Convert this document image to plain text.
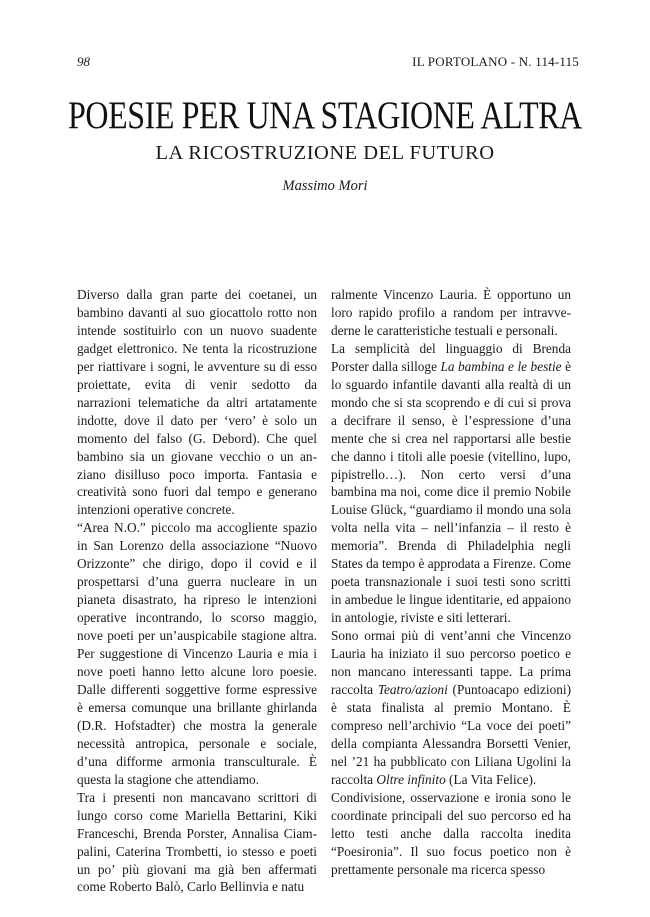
98	IL PORTOLANO - N. 114-115
POESIE PER UNA STAGIONE ALTRA
LA RICOSTRUZIONE DEL FUTURO
Massimo Mori

Diverso dalla gran parte dei coetanei, un bambino davanti al suo giocattolo rotto non intende sostituirlo con un nuovo suadente gadget elettronico. Ne tenta la ricostruzione per riattivare i sogni, le avventure su di esso proiettate, evita di venir sedotto da narrazioni telematiche da altri artatamente indotte, dove il dato per ‘vero’ è solo un momento del falso (G. Debord). Che quel bambino sia un giovane vecchio o un anziano disilluso poco importa. Fantasia e creatività sono fuori dal tempo e generano intenzioni operative concrete.

“Area N.O.” piccolo ma accogliente spazio in San Lorenzo della associazione “Nuovo Orizzonte” che dirigo, dopo il covid e il prospettarsi d’una guerra nucleare in un pianeta disastrato, ha ripreso le intenzioni operative incontrando, lo scorso maggio, nove poeti per un’auspicabile stagione altra. Per suggestione di Vincenzo Lauria e mia i nove poeti hanno letto alcune loro poesie. Dalle differenti soggettive forme espressive è emersa comunque una brillante ghirlanda (D.R. Hofstadter) che mostra la generale necessità antropica, personale e sociale, d’una difforme armonia transculturale. È questa la stagione che attendiamo.

Tra i presenti non mancavano scrittori di lungo corso come Mariella Bettarini, Kiki Franceschi, Brenda Porster, Annalisa Ciampalini, Caterina Trombetti, io stesso e poeti un po’ più giovani ma già ben affermati come Roberto Balò, Carlo Bellinvia e natu

ralmente Vincenzo Lauria. È opportuno un loro rapido profilo a random per intravvederne le caratteristiche testuali e personali.

La semplicità del linguaggio di Brenda Porster dalla silloge La bambina e le bestie è lo sguardo infantile davanti alla realtà di un mondo che si sta scoprendo e di cui si prova a decifrare il senso, è l’espressione d’una mente che si crea nel rapportarsi alle bestie che danno i titoli alle poesie (vitellino, lupo, pipistrello…). Non certo versi d’una bambina ma noi, come dice il premio Nobile Louise Glück, “guardiamo il mondo una sola volta nella vita – nell’infanzia – il resto è memoria”. Brenda di Philadelphia negli States da tempo è approdata a Firenze. Come poeta transnazionale i suoi testi sono scritti in ambedue le lingue identitarie, ed appaiono in antologie, riviste e siti letterari.

Sono ormai più di vent’anni che Vincenzo Lauria ha iniziato il suo percorso poetico e non mancano interessanti tappe. La prima raccolta Teatro/azioni (Puntoacapo edizioni) è stata finalista al premio Montano. È compreso nell’archivio “La voce dei poeti” della compianta Alessandra Borsetti Venier, nel ’21 ha pubblicato con Liliana Ugolini la raccolta Oltre infinito (La Vita Felice).

Condivisione, osservazione e ironia sono le coordinate principali del suo percorso ed ha letto testi anche dalla raccolta inedita “Poesironia”. Il suo focus poetico non è prettamente personale ma ricerca spesso
